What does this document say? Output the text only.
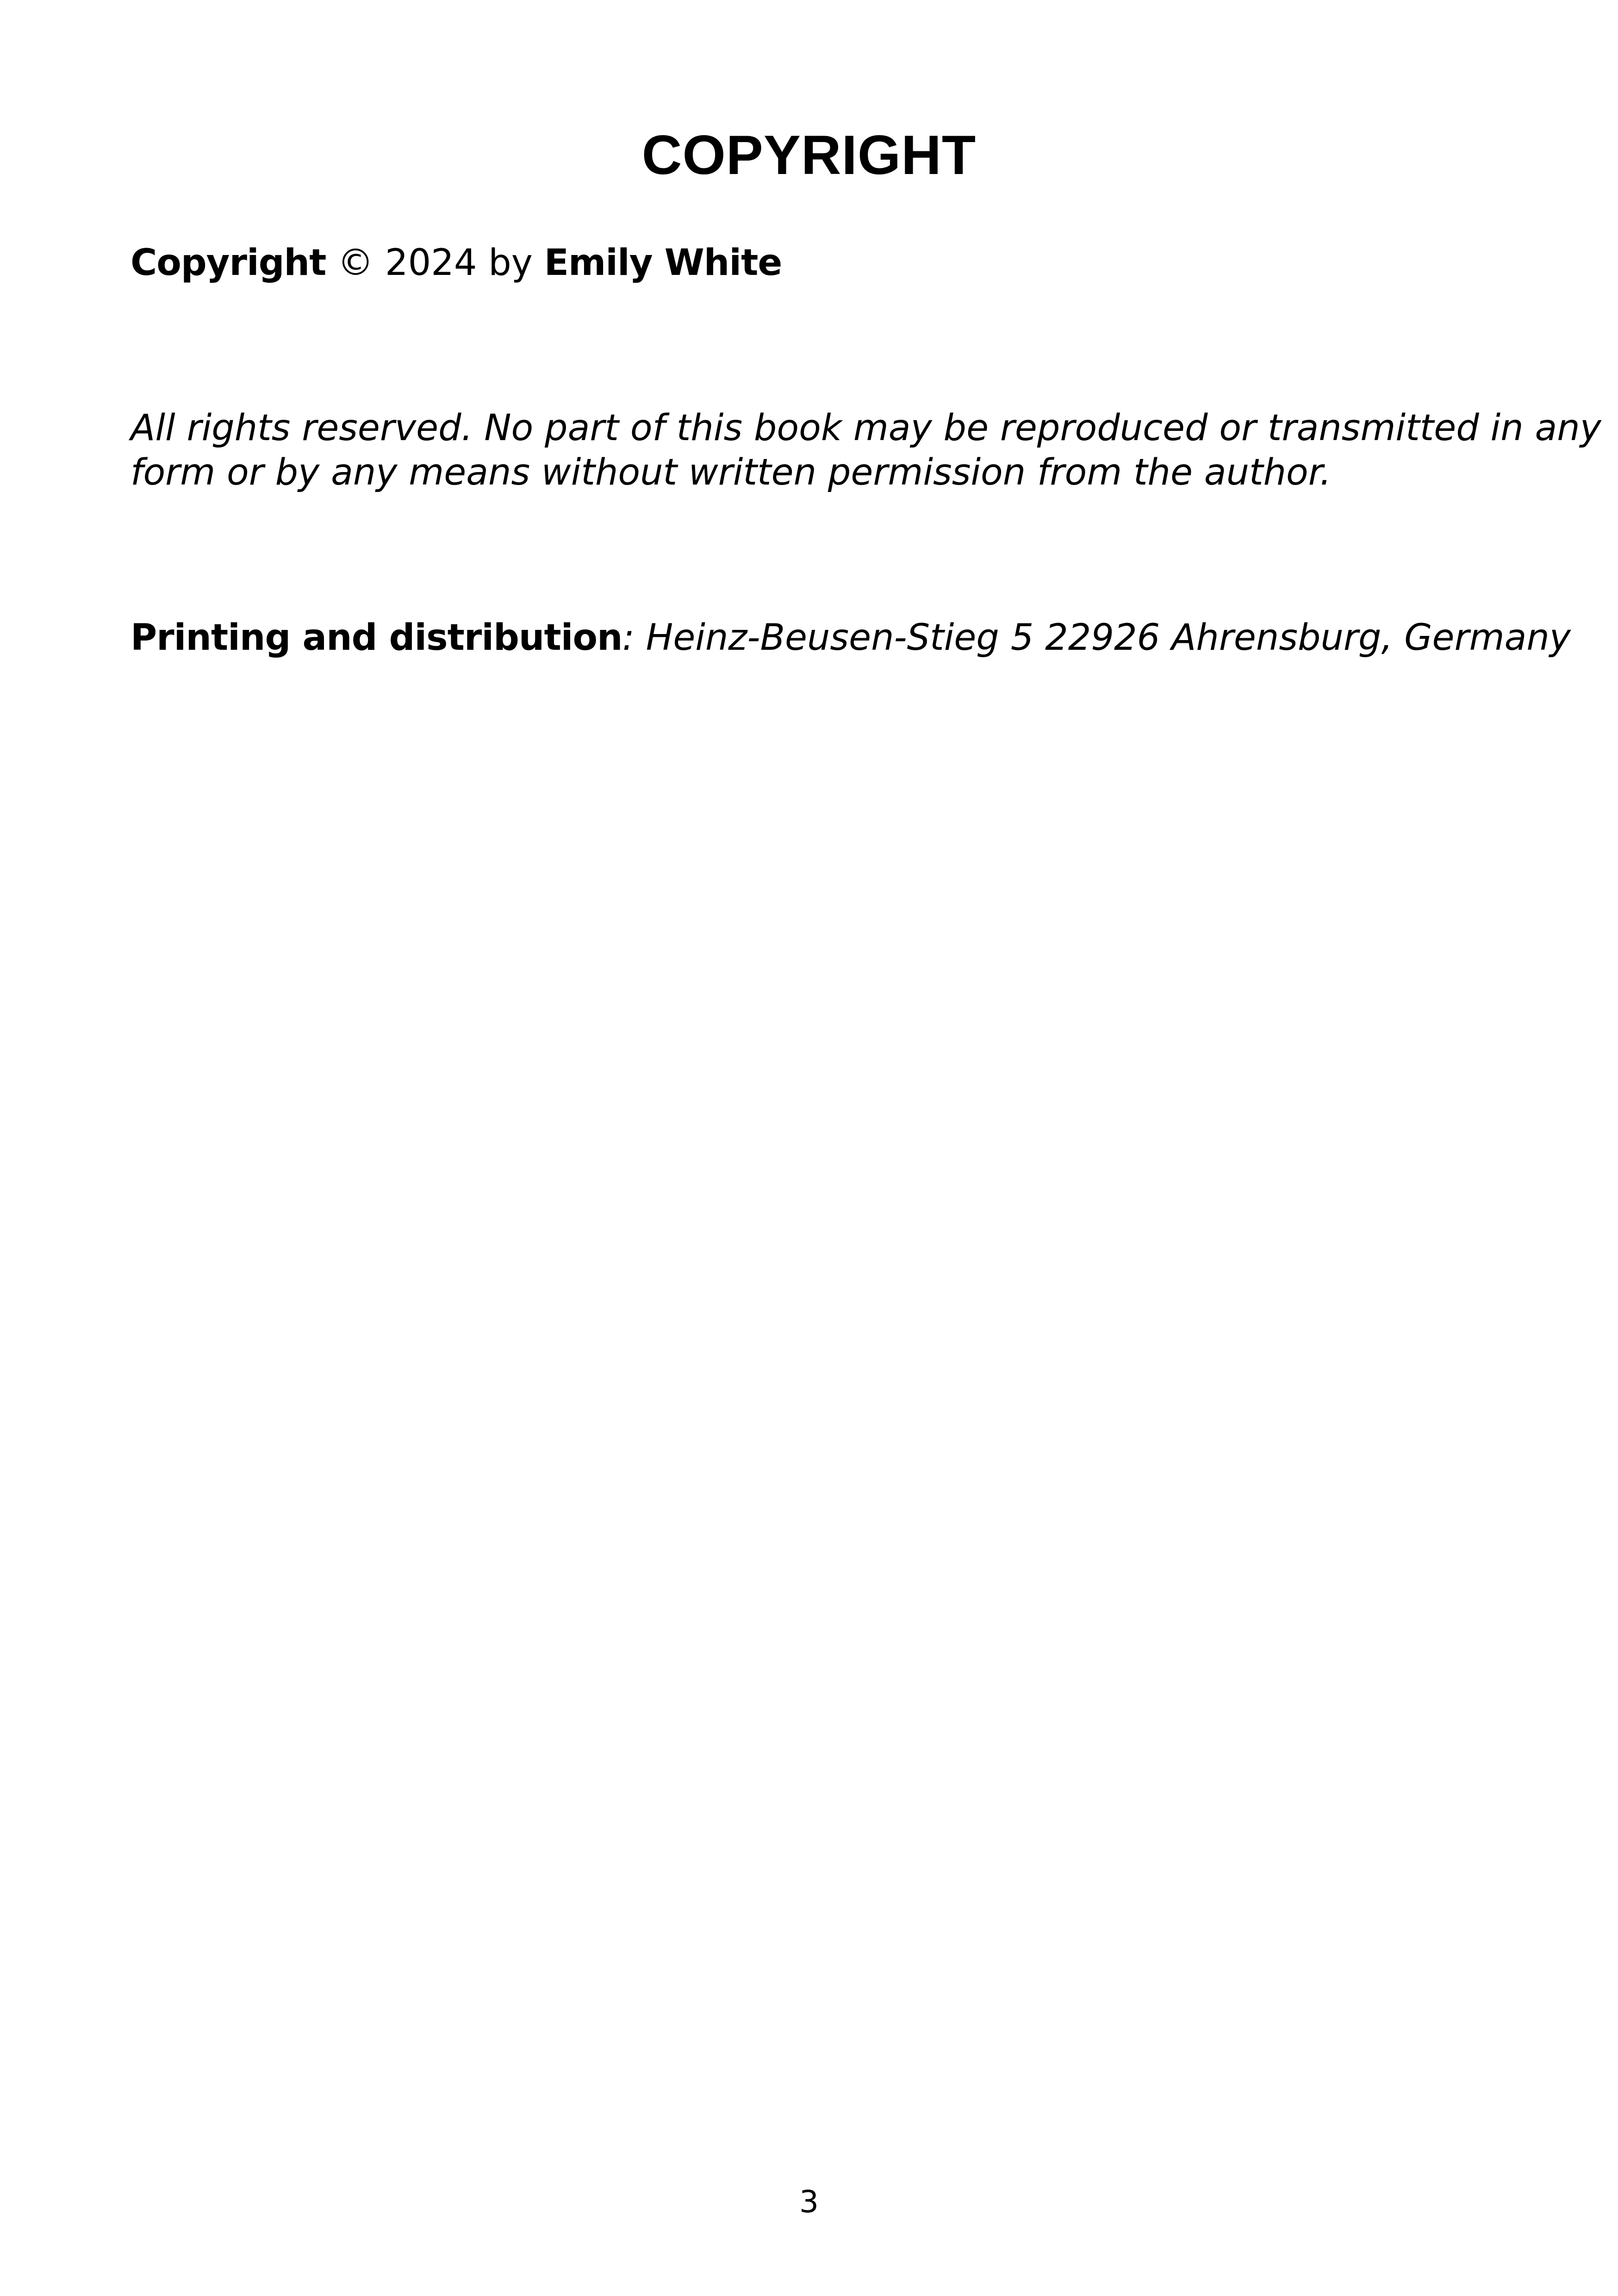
COPYRIGHT
Copyright © 2024 by Emily White
All rights reserved. No part of this book may be reproduced or transmitted in any
form or by any means without written permission from the author.
Printing and distribution: Heinz-Beusen-Stieg 5 22926 Ahrensburg, Germany
3
